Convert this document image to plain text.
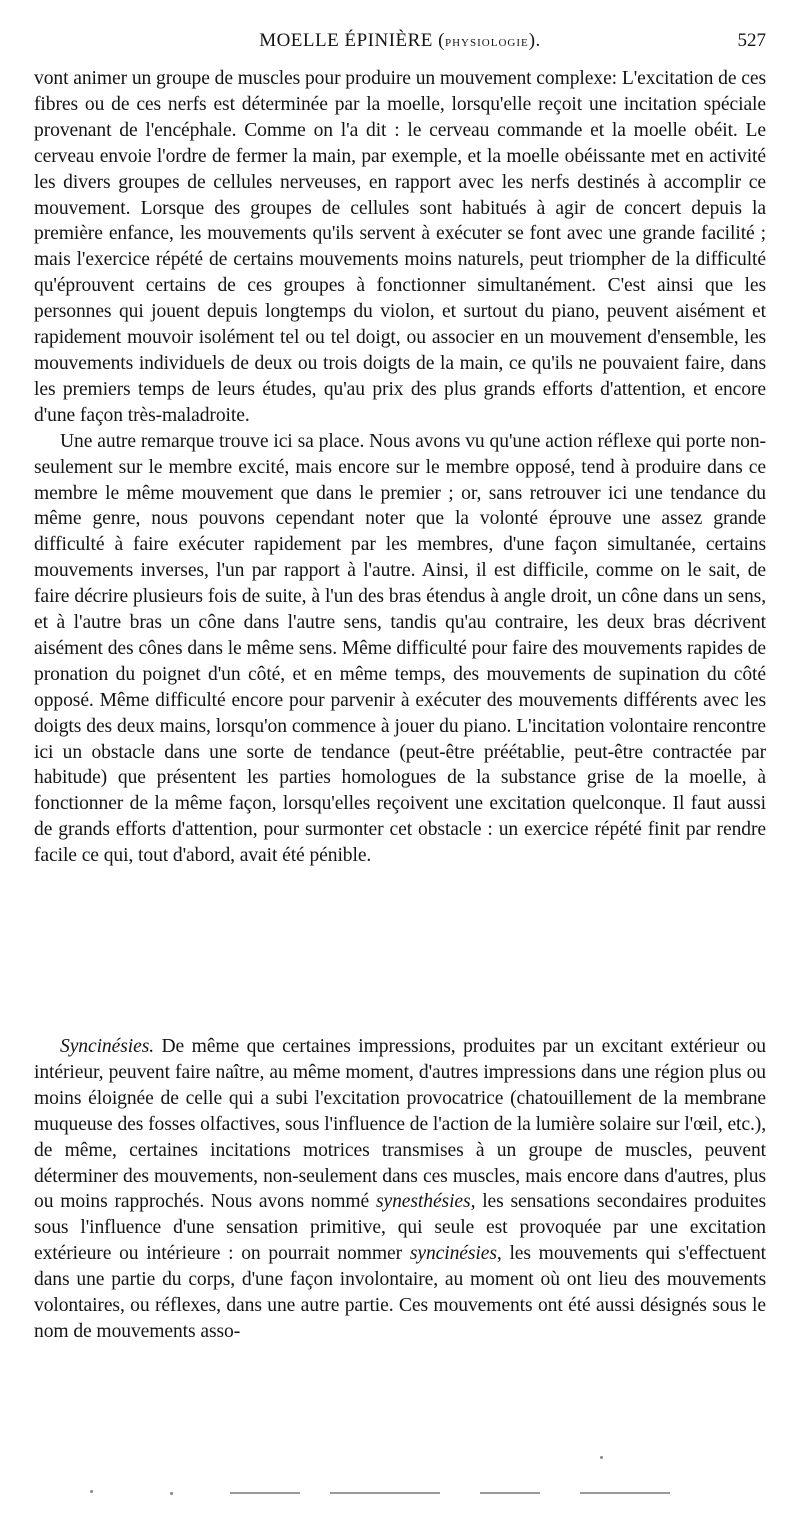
MOELLE ÉPINIÈRE (physiologie).	527

vont animer un groupe de muscles pour produire un mouvement complexe: L'excitation de ces fibres ou de ces nerfs est déterminée par la moelle, lorsqu'elle reçoit une incitation spéciale provenant de l'encéphale. Comme on l'a dit : le cerveau commande et la moelle obéit. Le cerveau envoie l'ordre de fermer la main, par exemple, et la moelle obéissante met en activité les divers groupes de cellules nerveuses, en rapport avec les nerfs destinés à accomplir ce mouvement. Lorsque des groupes de cellules sont habitués à agir de concert depuis la première enfance, les mouvements qu'ils servent à exécuter se font avec une grande facilité ; mais l'exercice répété de certains mouvements moins naturels, peut triompher de la difficulté qu'éprouvent certains de ces groupes à fonctionner simultanément. C'est ainsi que les personnes qui jouent depuis longtemps du violon, et surtout du piano, peuvent aisément et rapidement mouvoir isolément tel ou tel doigt, ou associer en un mouvement d'ensemble, les mouvements individuels de deux ou trois doigts de la main, ce qu'ils ne pouvaient faire, dans les premiers temps de leurs études, qu'au prix des plus grands efforts d'attention, et encore d'une façon très-maladroite.

Une autre remarque trouve ici sa place. Nous avons vu qu'une action réflexe qui porte non-seulement sur le membre excité, mais encore sur le membre opposé, tend à produire dans ce membre le même mouvement que dans le premier ; or, sans retrouver ici une tendance du même genre, nous pouvons cependant noter que la volonté éprouve une assez grande difficulté à faire exécuter rapidement par les membres, d'une façon simultanée, certains mouvements inverses, l'un par rapport à l'autre. Ainsi, il est difficile, comme on le sait, de faire décrire plusieurs fois de suite, à l'un des bras étendus à angle droit, un cône dans un sens, et à l'autre bras un cône dans l'autre sens, tandis qu'au contraire, les deux bras décrivent aisément des cônes dans le même sens. Même difficulté pour faire des mouvements rapides de pronation du poignet d'un côté, et en même temps, des mouvements de supination du côté opposé. Même difficulté encore pour parvenir à exécuter des mouvements différents avec les doigts des deux mains, lorsqu'on commence à jouer du piano. L'incitation volontaire rencontre ici un obstacle dans une sorte de tendance (peut-être préétablie, peut-être contractée par habitude) que présentent les parties homologues de la substance grise de la moelle, à fonctionner de la même façon, lorsqu'elles reçoivent une excitation quelconque. Il faut aussi de grands efforts d'attention, pour surmonter cet obstacle : un exercice répété finit par rendre facile ce qui, tout d'abord, avait été pénible.

Syncinésies. De même que certaines impressions, produites par un excitant extérieur ou intérieur, peuvent faire naître, au même moment, d'autres impressions dans une région plus ou moins éloignée de celle qui a subi l'excitation provocatrice (chatouillement de la membrane muqueuse des fosses olfactives, sous l'influence de l'action de la lumière solaire sur l'œil, etc.), de même, certaines incitations motrices transmises à un groupe de muscles, peuvent déterminer des mouvements, non-seulement dans ces muscles, mais encore dans d'autres, plus ou moins rapprochés. Nous avons nommé synesthésies, les sensations secondaires produites sous l'influence d'une sensation primitive, qui seule est provoquée par une excitation extérieure ou intérieure : on pourrait nommer syncinésies, les mouvements qui s'effectuent dans une partie du corps, d'une façon involontaire, au moment où ont lieu des mouvements volontaires, ou réflexes, dans une autre partie. Ces mouvements ont été aussi désignés sous le nom de mouvements asso-
